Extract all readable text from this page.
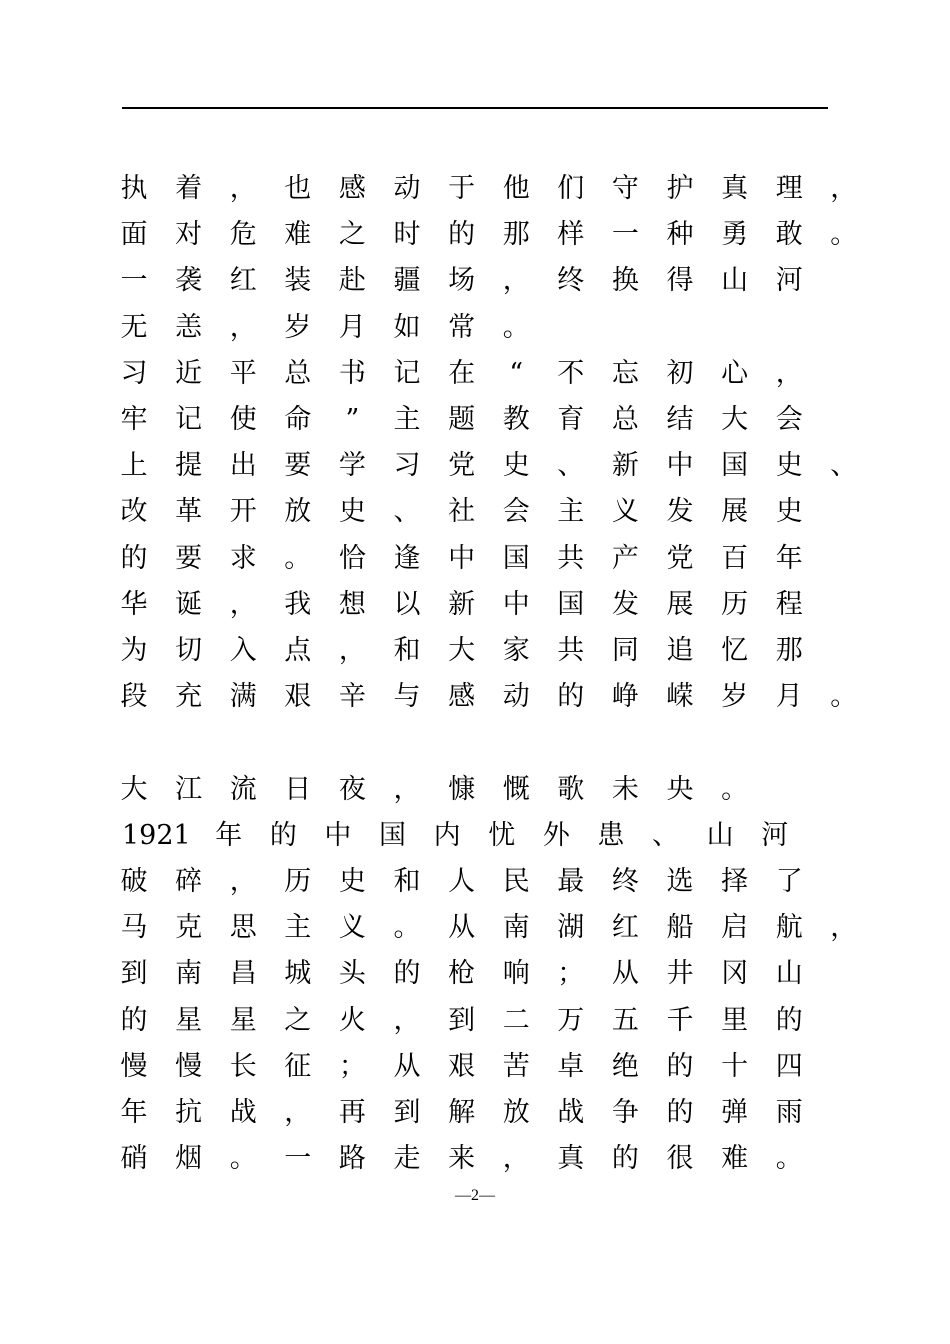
执 着 ， 也 感 动 于 他 们 守 护 真 理 ，
面 对 危 难 之 时 的 那 样 一 种 勇 敢 。
一 袭 红 装 赴 疆 场 ， 终 换 得 山 河
无 恙 ， 岁 月 如 常 。
习 近 平 总 书 记 在	“	不 忘 初 心 ，
牢 记 使 命	”	主 题 教 育 总 结 大 会
上 提 出 要 学 习 党 史 、 新 中 国 史 、
改 革 开 放 史 、 社 会 主 义 发 展 史
的 要 求 。 恰 逢 中 国 共 产 党 百 年
华 诞 ， 我 想 以 新 中 国 发 展 历 程
为 切 入 点 ， 和 大 家 共 同 追 忆 那
段 充 满 艰 辛 与 感 动 的 峥 嵘 岁 月 。
大 江 流 日 夜 ， 慷 慨 歌 未 央 。
1921 年 的 中 国 内 忧 外 患 、 山 河
破 碎 ， 历 史 和 人 民 最 终 选 择 了
马 克 思 主 义 。 从 南 湖 红 船 启 航 ，
到 南 昌 城 头 的 枪 响 ； 从 井 冈 山
的 星 星 之 火 ， 到 二 万 五 千 里 的
慢 慢 长 征 ； 从 艰 苦 卓 绝 的 十 四
年 抗 战 ， 再 到 解 放 战 争 的 弹 雨
硝 烟 。 一 路 走 来 ， 真 的 很 难 。
—2—
